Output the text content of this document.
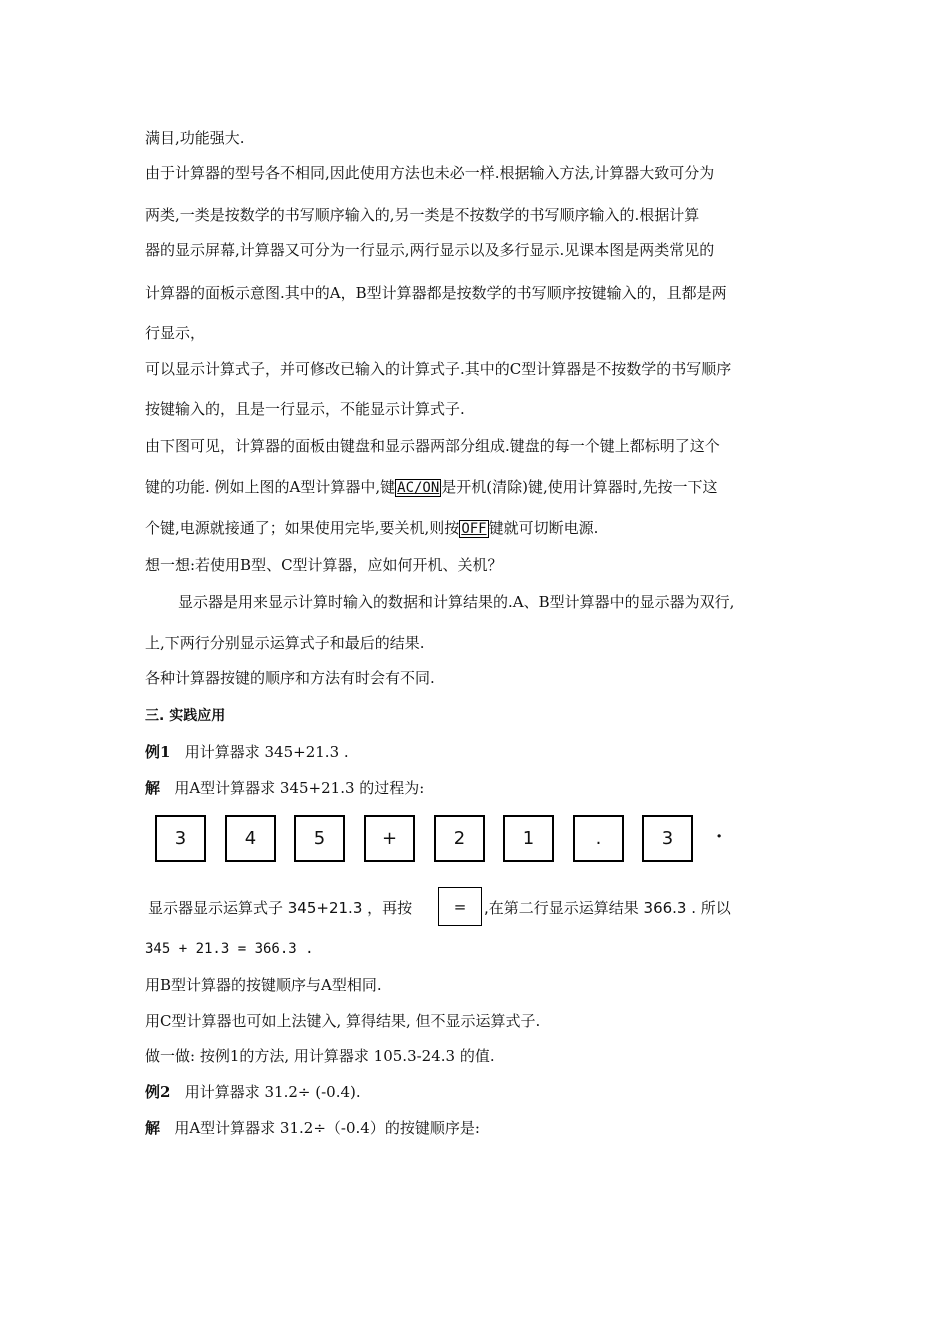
满目,功能强大.
由于计算器的型号各不相同,因此使用方法也未必一样.根据输入方法,计算器大致可分为
两类,一类是按数学的书写顺序输入的,另一类是不按数学的书写顺序输入的.根据计算
器的显示屏幕,计算器又可分为一行显示,两行显示以及多行显示.见课本图是两类常见的
计算器的面板示意图.其中的A，B型计算器都是按数学的书写顺序按键输入的，且都是两
行显示，
可以显示计算式子，并可修改已输入的计算式子.其中的C型计算器是不按数学的书写顺序
按键输入的，且是一行显示，不能显示计算式子.
由下图可见，计算器的面板由键盘和显示器两部分组成.键盘的每一个键上都标明了这个
键的功能. 例如上图的A型计算器中,键 AC/ON 是开机(清除)键,使用计算器时,先按一下这
个键,电源就接通了；如果使用完毕,要关机,则按 OFF 键就可切断电源.
想一想:若使用B型、C型计算器，应如何开机、关机？
显示器是用来显示计算时输入的数据和计算结果的.A、B型计算器中的显示器为双行,
上,下两行分别显示运算式子和最后的结果.
各种计算器按键的顺序和方法有时会有不同.
三. 实践应用
例1 用计算器求 345+21.3 .
解 用A型计算器求 345+21.3 的过程为:
3	4	5	+	2	1	.	3	·
显示器显示运算式子 345+21.3 ，再按	=	,在第二行显示运算结果 366.3 . 所以
345 + 21.3 = 366.3 .
用B型计算器的按键顺序与A型相同.
用C型计算器也可如上法键入, 算得结果, 但不显示运算式子.
做一做: 按例1的方法, 用计算器求 105.3-24.3 的值.
例2 用计算器求 31.2÷ (-0.4).
解 用A型计算器求 31.2÷（-0.4）的按键顺序是:
